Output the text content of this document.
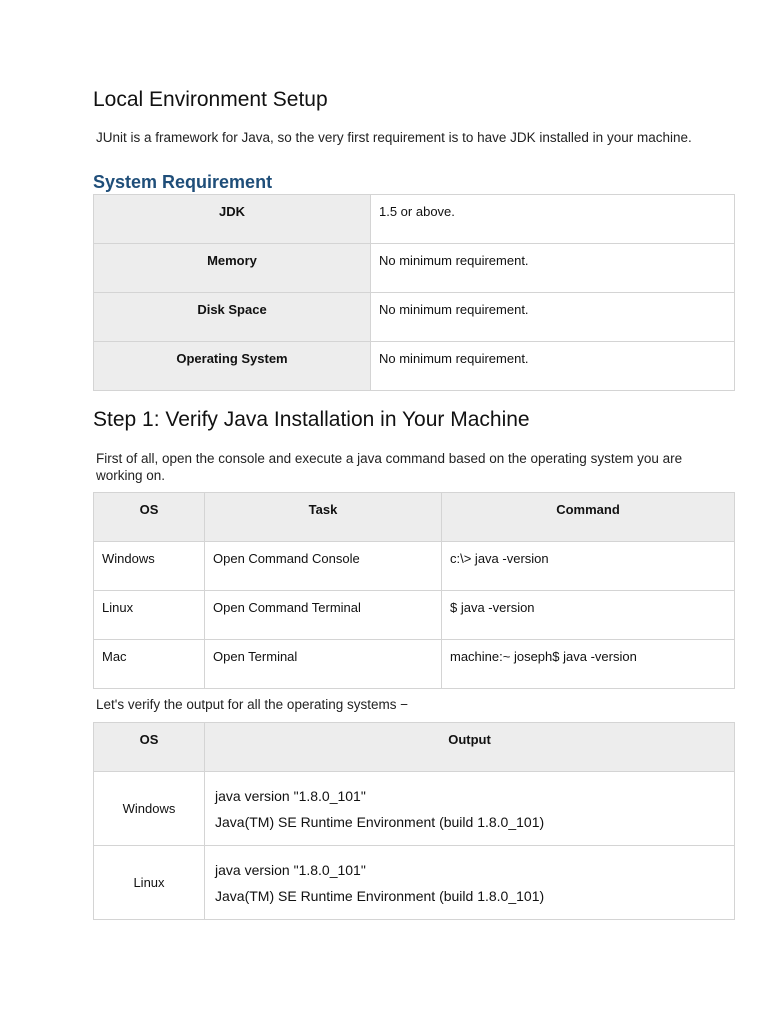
Local Environment Setup

JUnit is a framework for Java, so the very first requirement is to have JDK installed in your machine.

System Requirement
JDK	1.5 or above.
Memory	No minimum requirement.
Disk Space	No minimum requirement.
Operating System	No minimum requirement.
Step 1: Verify Java Installation in Your Machine

First of all, open the console and execute a java command based on the operating system you are working on.

OS	Task	Command
Windows	Open Command Console	c:\> java -version
Linux	Open Command Terminal	$ java -version
Mac	Open Terminal	machine:~ joseph$ java -version

Let's verify the output for all the operating systems −

OS	Output
Windows	java version "1.8.0_101"
Java(TM) SE Runtime Environment (build 1.8.0_101)

Linux	java version "1.8.0_101"
Java(TM) SE Runtime Environment (build 1.8.0_101)
